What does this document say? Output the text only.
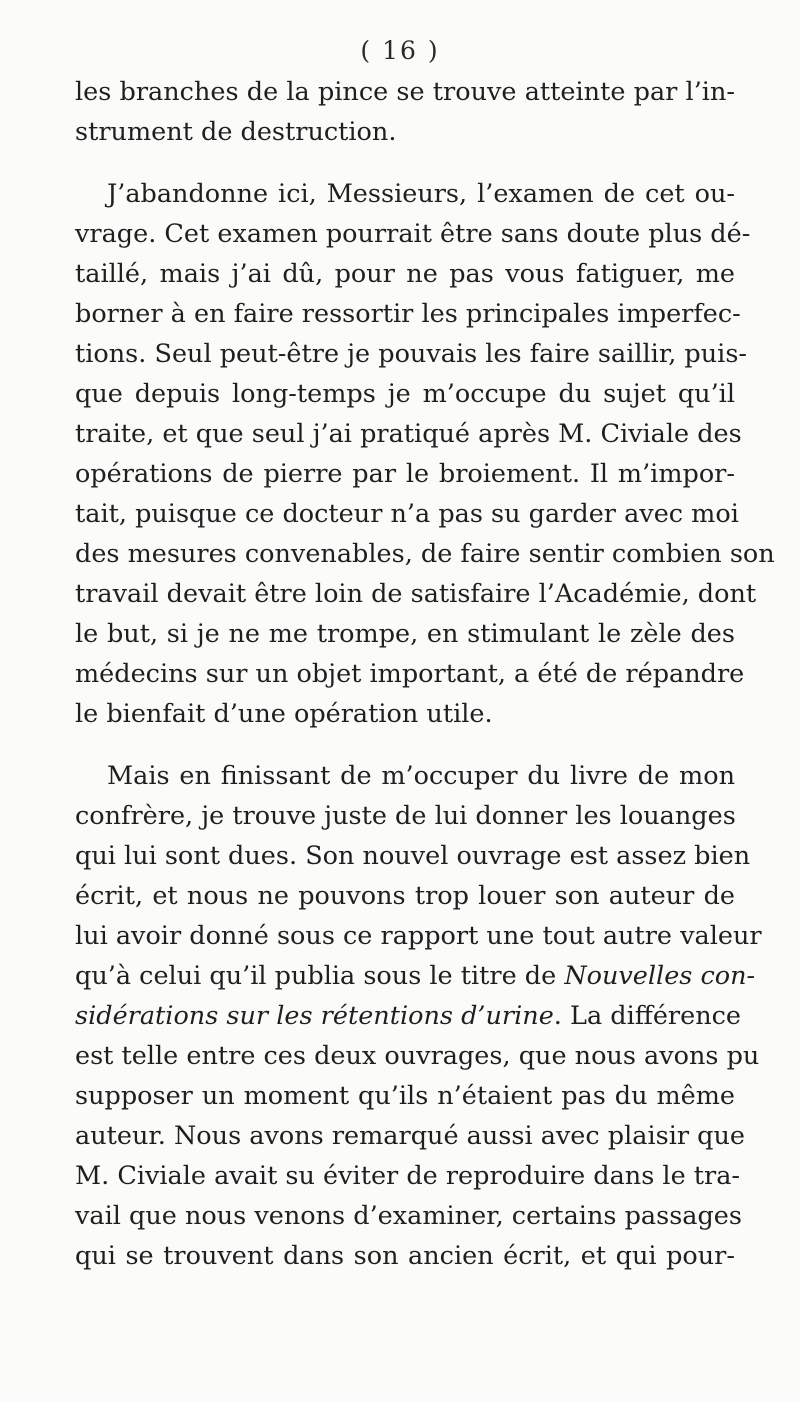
( 16 )
les branches de la pince se trouve atteinte par l’in-
strument de destruction.
J’abandonne ici, Messieurs, l’examen de cet ou-
vrage. Cet examen pourrait être sans doute plus dé-
taillé, mais j’ai dû, pour ne pas vous fatiguer, me
borner à en faire ressortir les principales imperfec-
tions. Seul peut-être je pouvais les faire saillir, puis-
que depuis long-temps je m’occupe du sujet qu’il
traite, et que seul j’ai pratiqué après M. Civiale des
opérations de pierre par le broiement. Il m’impor-
tait, puisque ce docteur n’a pas su garder avec moi
des mesures convenables, de faire sentir combien son
travail devait être loin de satisfaire l’Académie, dont
le but, si je ne me trompe, en stimulant le zèle des
médecins sur un objet important, a été de répandre
le bienfait d’une opération utile.
Mais en finissant de m’occuper du livre de mon
confrère, je trouve juste de lui donner les louanges
qui lui sont dues. Son nouvel ouvrage est assez bien
écrit, et nous ne pouvons trop louer son auteur de
lui avoir donné sous ce rapport une tout autre valeur
qu’à celui qu’il publia sous le titre de Nouvelles con-
sidérations sur les rétentions d’urine. La différence
est telle entre ces deux ouvrages, que nous avons pu
supposer un moment qu’ils n’étaient pas du même
auteur. Nous avons remarqué aussi avec plaisir que
M. Civiale avait su éviter de reproduire dans le tra-
vail que nous venons d’examiner, certains passages
qui se trouvent dans son ancien écrit, et qui pour-
